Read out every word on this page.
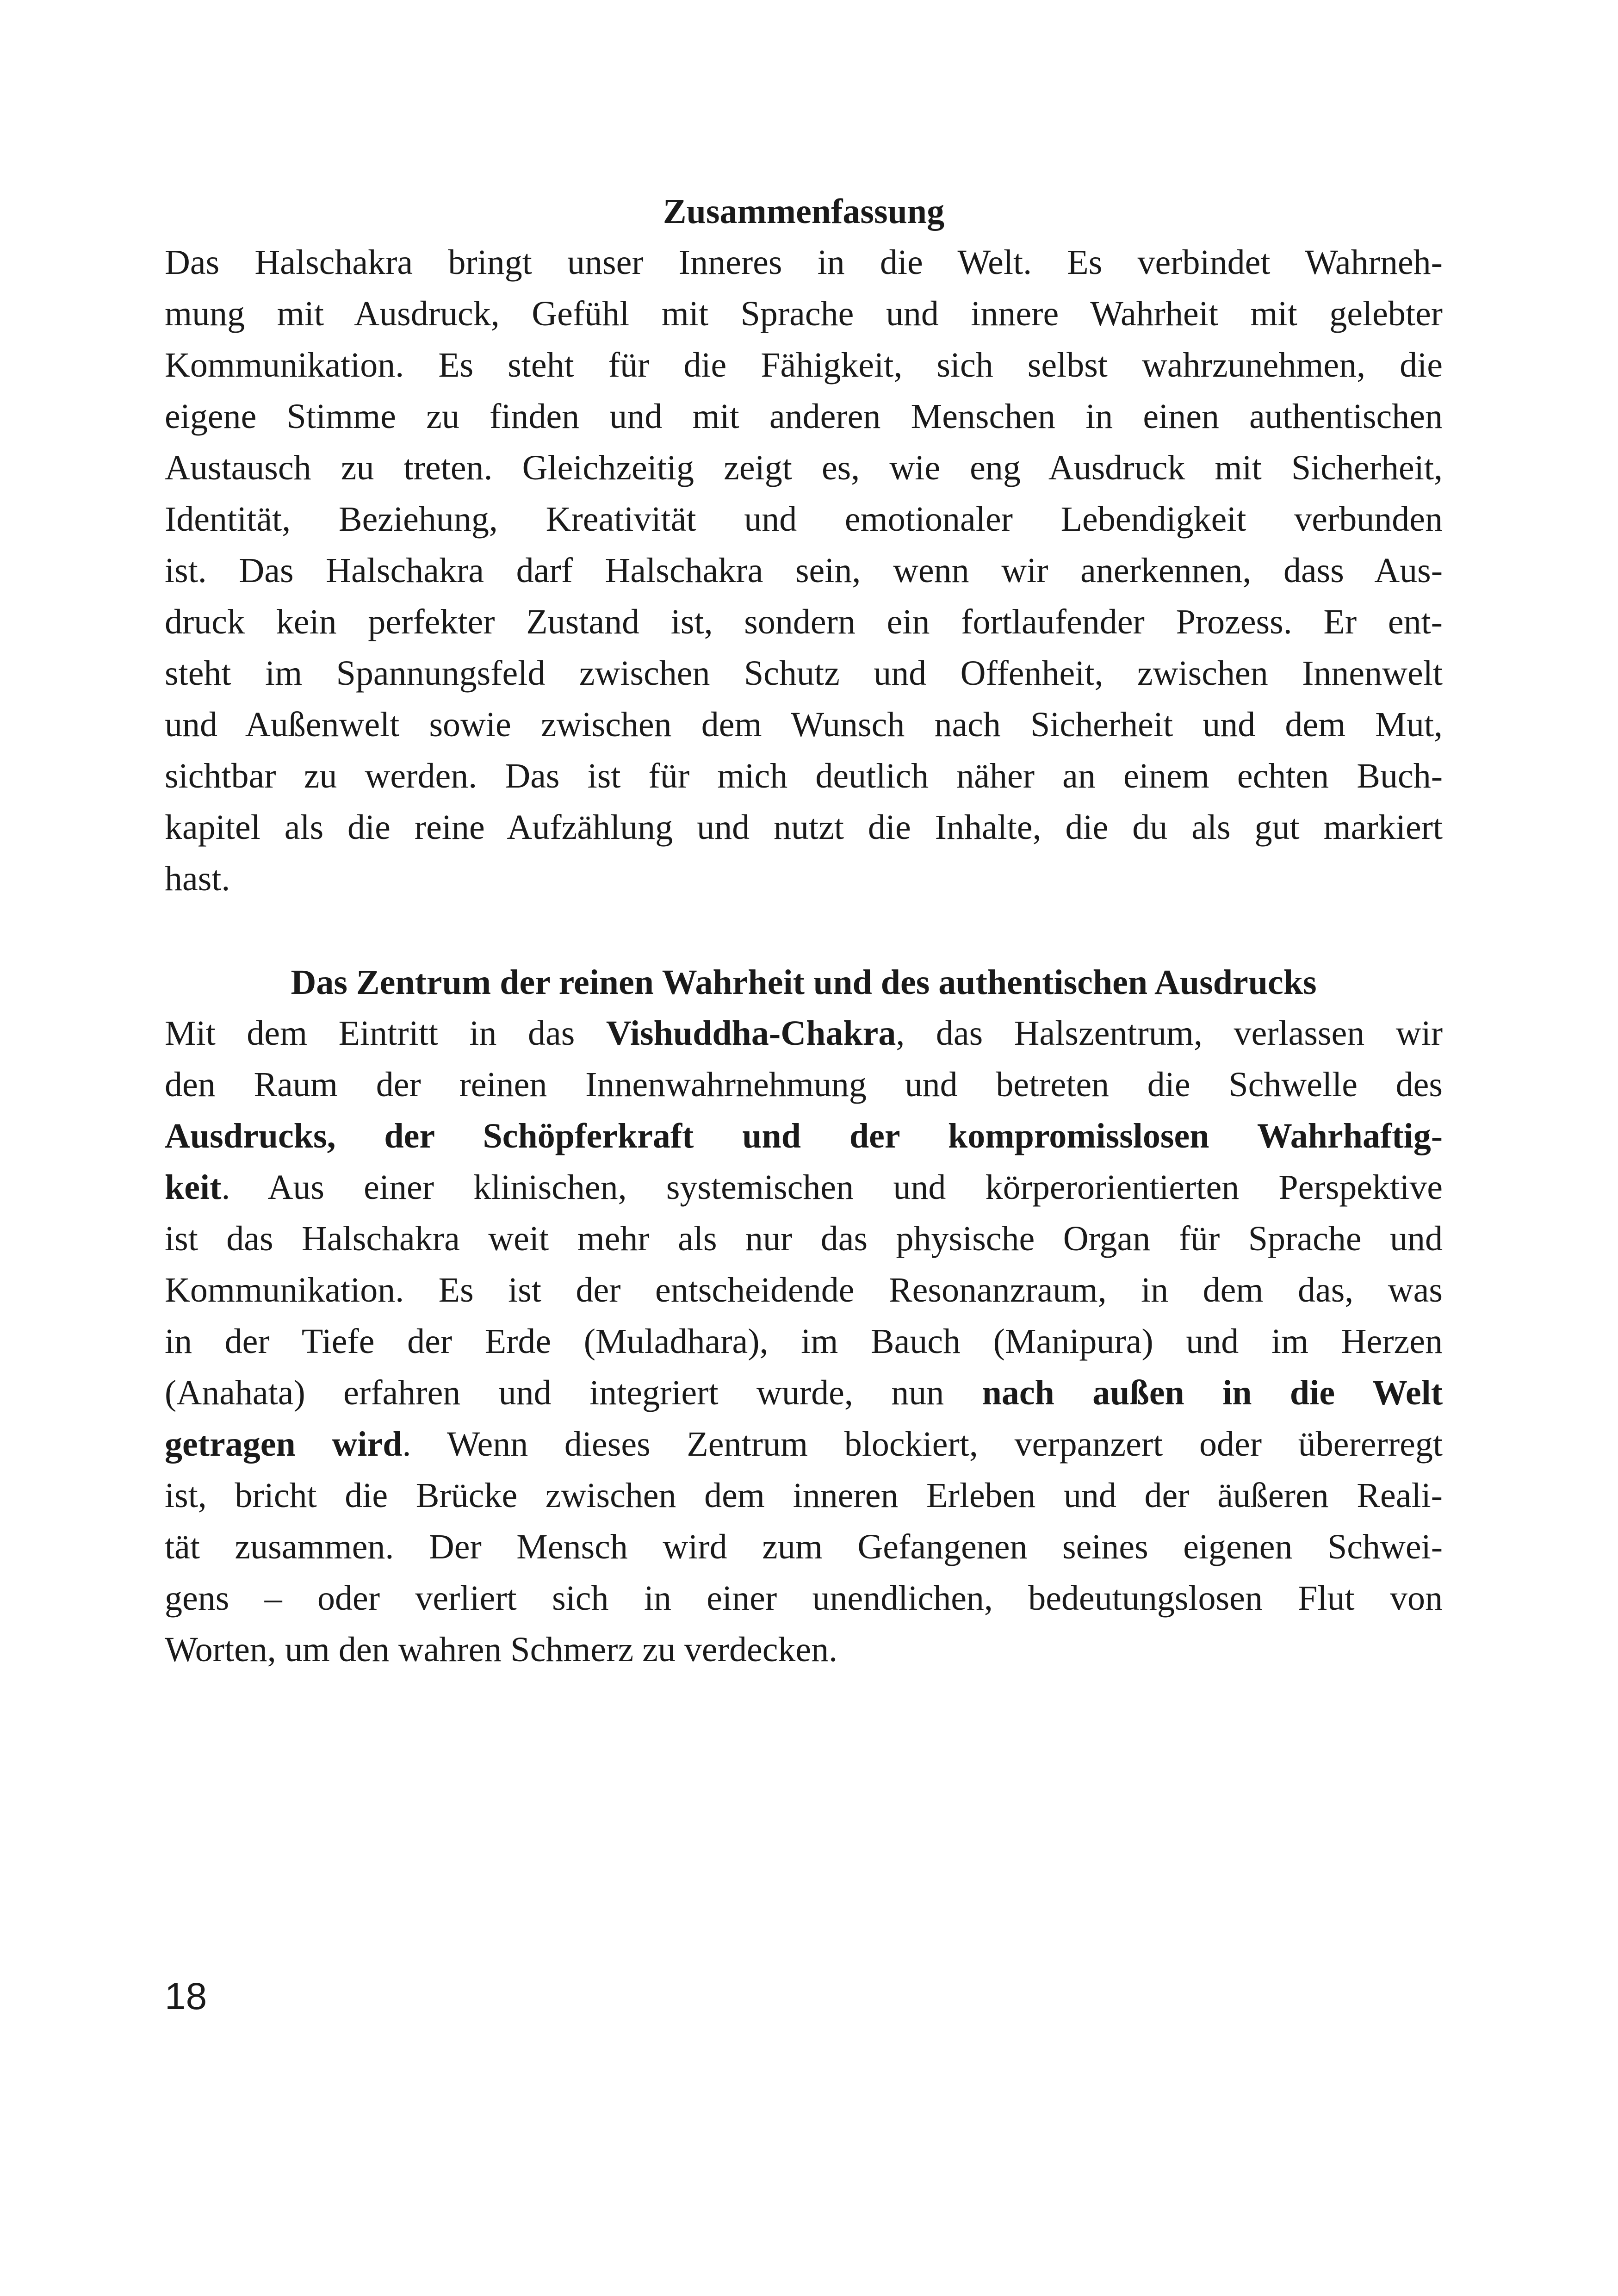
Zusammenfassung
Das Halschakra bringt unser Inneres in die Welt. Es verbindet Wahrneh-
mung mit Ausdruck, Gefühl mit Sprache und innere Wahrheit mit gelebter
Kommunikation. Es steht für die Fähigkeit, sich selbst wahrzunehmen, die
eigene Stimme zu finden und mit anderen Menschen in einen authentischen
Austausch zu treten. Gleichzeitig zeigt es, wie eng Ausdruck mit Sicherheit,
Identität, Beziehung, Kreativität und emotionaler Lebendigkeit verbunden
ist. Das Halschakra darf Halschakra sein, wenn wir anerkennen, dass Aus-
druck kein perfekter Zustand ist, sondern ein fortlaufender Prozess. Er ent-
steht im Spannungsfeld zwischen Schutz und Offenheit, zwischen Innenwelt
und Außenwelt sowie zwischen dem Wunsch nach Sicherheit und dem Mut,
sichtbar zu werden. Das ist für mich deutlich näher an einem echten Buch-
kapitel als die reine Aufzählung und nutzt die Inhalte, die du als gut markiert
hast.
Das Zentrum der reinen Wahrheit und des authentischen Ausdrucks
Mit dem Eintritt in das Vishuddha-Chakra, das Halszentrum, verlassen wir
den Raum der reinen Innenwahrnehmung und betreten die Schwelle des
Ausdrucks, der Schöpferkraft und der kompromisslosen Wahrhaftig-
keit. Aus einer klinischen, systemischen und körperorientierten Perspektive
ist das Halschakra weit mehr als nur das physische Organ für Sprache und
Kommunikation. Es ist der entscheidende Resonanzraum, in dem das, was
in der Tiefe der Erde (Muladhara), im Bauch (Manipura) und im Herzen
(Anahata) erfahren und integriert wurde, nun nach außen in die Welt
getragen wird. Wenn dieses Zentrum blockiert, verpanzert oder übererregt
ist, bricht die Brücke zwischen dem inneren Erleben und der äußeren Reali-
tät zusammen. Der Mensch wird zum Gefangenen seines eigenen Schwei-
gens – oder verliert sich in einer unendlichen, bedeutungslosen Flut von
Worten, um den wahren Schmerz zu verdecken.
18
